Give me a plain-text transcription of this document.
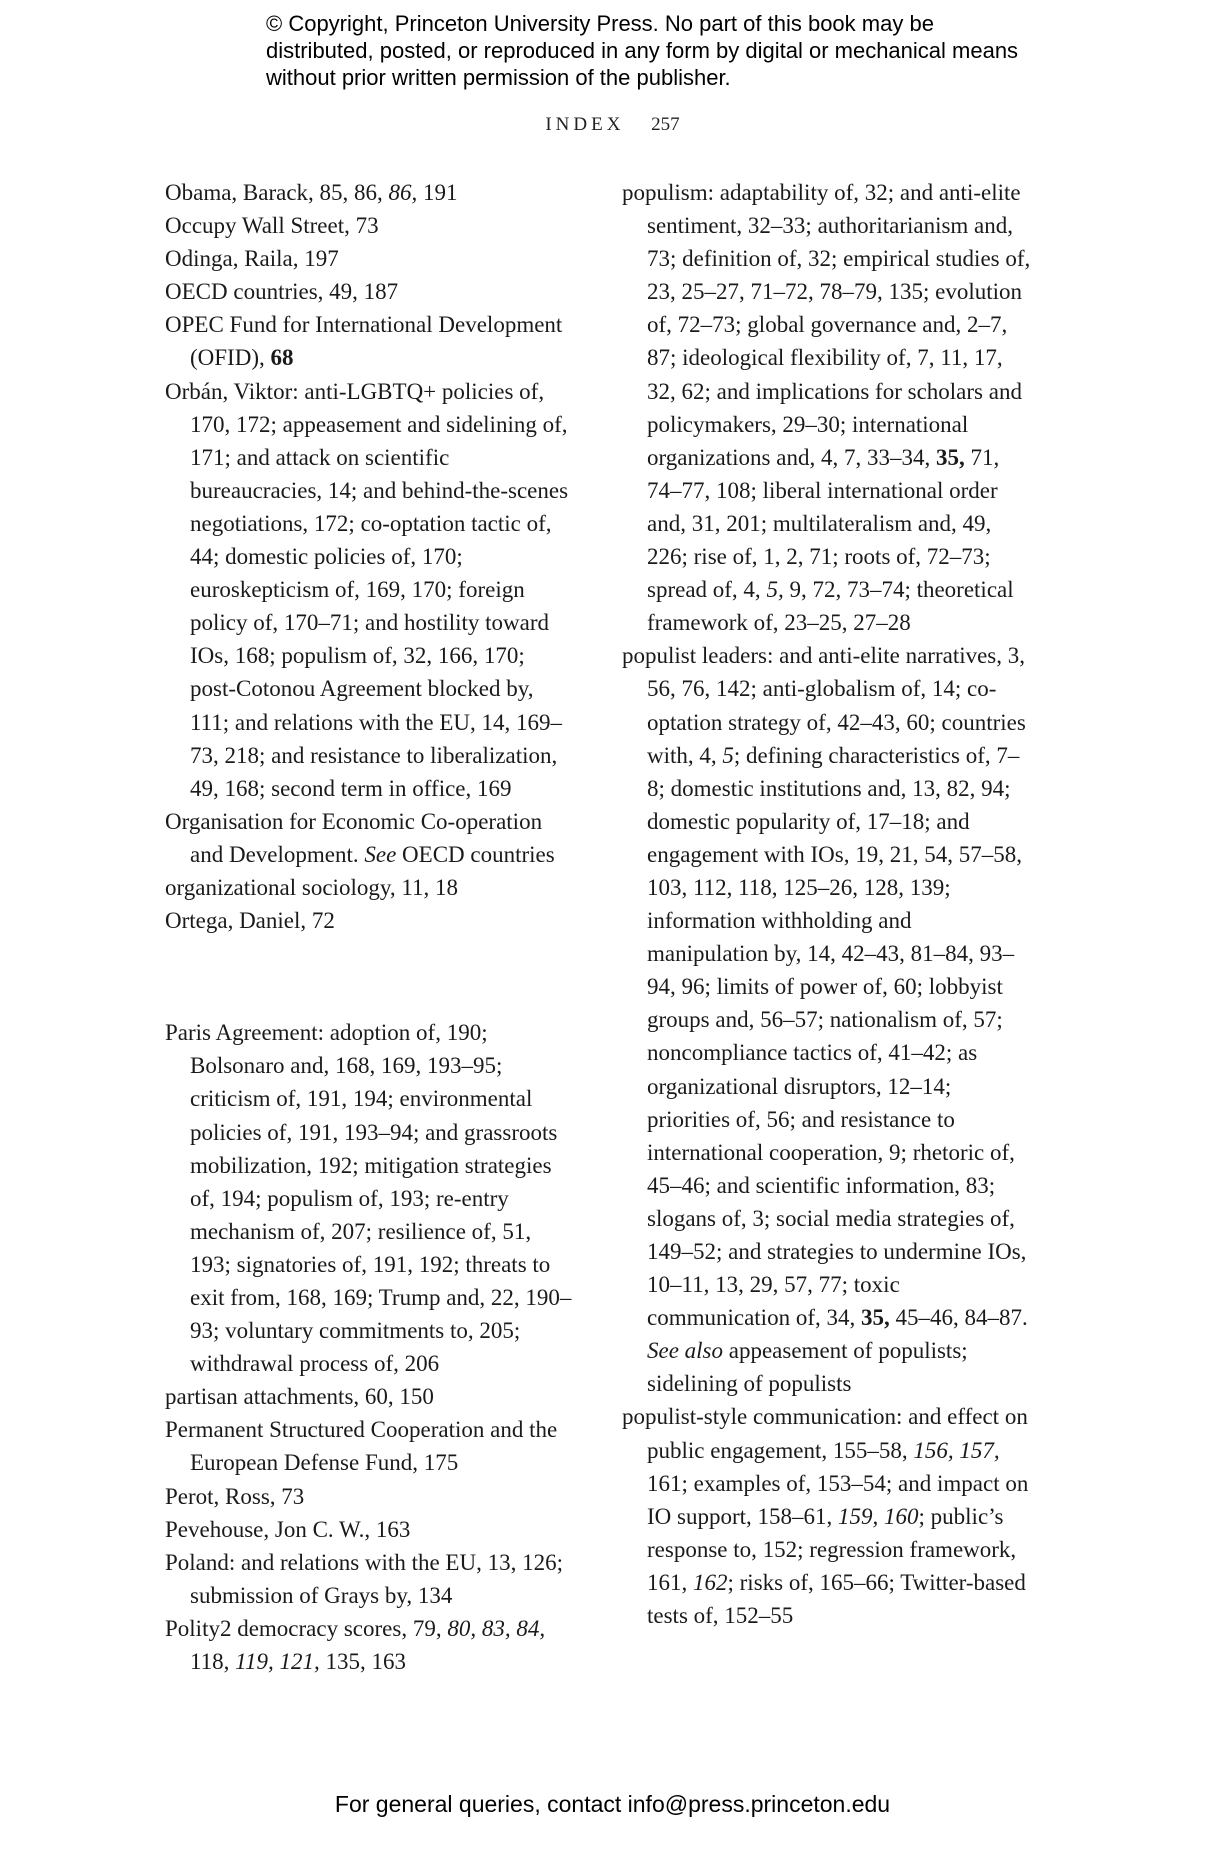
© Copyright, Princeton University Press. No part of this book may be distributed, posted, or reproduced in any form by digital or mechanical means without prior written permission of the publisher.
INDEX 257

Obama, Barack, 85, 86, 86, 191

Occupy Wall Street, 73

Odinga, Raila, 197

OECD countries, 49, 187

OPEC Fund for International Development (OFID), 68

Orbán, Viktor: anti-LGBTQ+ policies of, 170, 172; appeasement and sidelining of, 171; and attack on scientific bureaucracies, 14; and behind-the-scenes negotiations, 172; co-optation tactic of, 44; domestic policies of, 170; euroskepticism of, 169, 170; foreign policy of, 170–71; and hostility toward IOs, 168; populism of, 32, 166, 170; post-Cotonou Agreement blocked by, 111; and relations with the EU, 14, 169–73, 218; and resistance to liberalization, 49, 168; second term in office, 169

Organisation for Economic Co-operation and Development. See OECD countries

organizational sociology, 11, 18

Ortega, Daniel, 72

Paris Agreement: adoption of, 190; Bolsonaro and, 168, 169, 193–95; criticism of, 191, 194; environmental policies of, 191, 193–94; and grassroots mobilization, 192; mitigation strategies of, 194; populism of, 193; re-entry mechanism of, 207; resilience of, 51, 193; signatories of, 191, 192; threats to exit from, 168, 169; Trump and, 22, 190–93; voluntary commitments to, 205; withdrawal process of, 206

partisan attachments, 60, 150

Permanent Structured Cooperation and the European Defense Fund, 175

Perot, Ross, 73

Pevehouse, Jon C. W., 163

Poland: and relations with the EU, 13, 126; submission of Grays by, 134

Polity2 democracy scores, 79, 80, 83, 84, 118, 119, 121, 135, 163

populism: adaptability of, 32; and anti-elite sentiment, 32–33; authoritarianism and, 73; definition of, 32; empirical studies of, 23, 25–27, 71–72, 78–79, 135; evolution of, 72–73; global governance and, 2–7, 87; ideological flexibility of, 7, 11, 17, 32, 62; and implications for scholars and policymakers, 29–30; international organizations and, 4, 7, 33–34, 35, 71, 74–77, 108; liberal international order and, 31, 201; multilateralism and, 49, 226; rise of, 1, 2, 71; roots of, 72–73; spread of, 4, 5, 9, 72, 73–74; theoretical framework of, 23–25, 27–28

populist leaders: and anti-elite narratives, 3, 56, 76, 142; anti-globalism of, 14; co-optation strategy of, 42–43, 60; countries with, 4, 5; defining characteristics of, 7–8; domestic institutions and, 13, 82, 94; domestic popularity of, 17–18; and engagement with IOs, 19, 21, 54, 57–58, 103, 112, 118, 125–26, 128, 139; information withholding and manipulation by, 14, 42–43, 81–84, 93–94, 96; limits of power of, 60; lobbyist groups and, 56–57; nationalism of, 57; noncompliance tactics of, 41–42; as organizational disruptors, 12–14; priorities of, 56; and resistance to international cooperation, 9; rhetoric of, 45–46; and scientific information, 83; slogans of, 3; social media strategies of, 149–52; and strategies to undermine IOs, 10–11, 13, 29, 57, 77; toxic communication of, 34, 35, 45–46, 84–87. See also appeasement of populists; sidelining of populists

populist-style communication: and effect on public engagement, 155–58, 156, 157, 161; examples of, 153–54; and impact on IO support, 158–61, 159, 160; public’s response to, 152; regression framework, 161, 162; risks of, 165–66; Twitter-based tests of, 152–55

For general queries, contact info@press.princeton.edu
